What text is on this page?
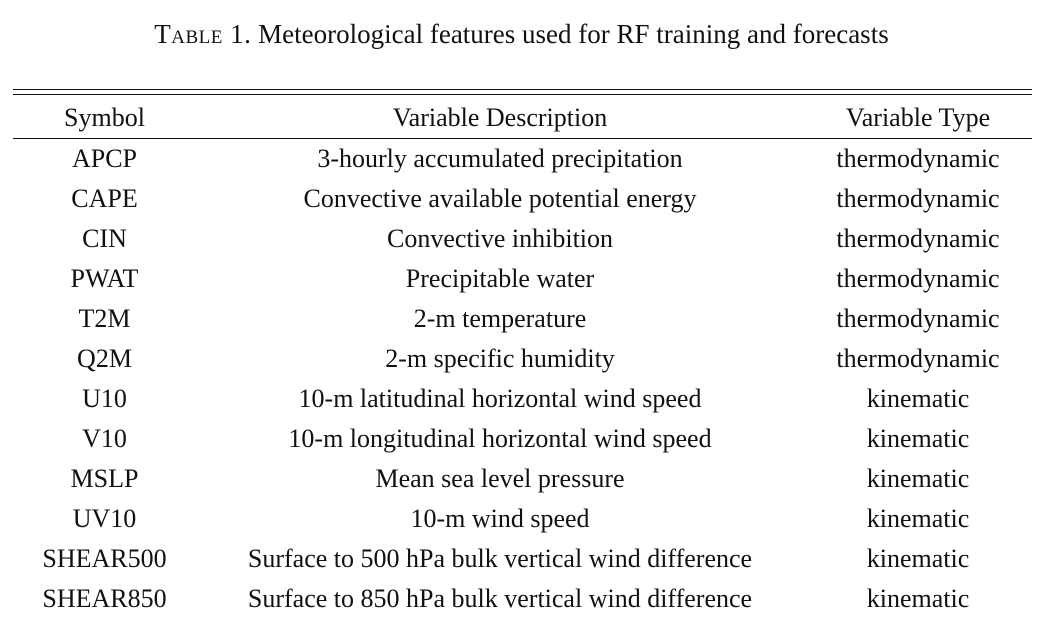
Table 1. Meteorological features used for RF training and forecasts
Symbol	Variable Description	Variable Type
APCP	3-hourly accumulated precipitation	thermodynamic
CAPE	Convective available potential energy	thermodynamic
CIN	Convective inhibition	thermodynamic
PWAT	Precipitable water	thermodynamic
T2M	2-m temperature	thermodynamic
Q2M	2-m specific humidity	thermodynamic
U10	10-m latitudinal horizontal wind speed	kinematic
V10	10-m longitudinal horizontal wind speed	kinematic
MSLP	Mean sea level pressure	kinematic
UV10	10-m wind speed	kinematic
SHEAR500	Surface to 500 hPa bulk vertical wind difference	kinematic
SHEAR850	Surface to 850 hPa bulk vertical wind difference	kinematic
